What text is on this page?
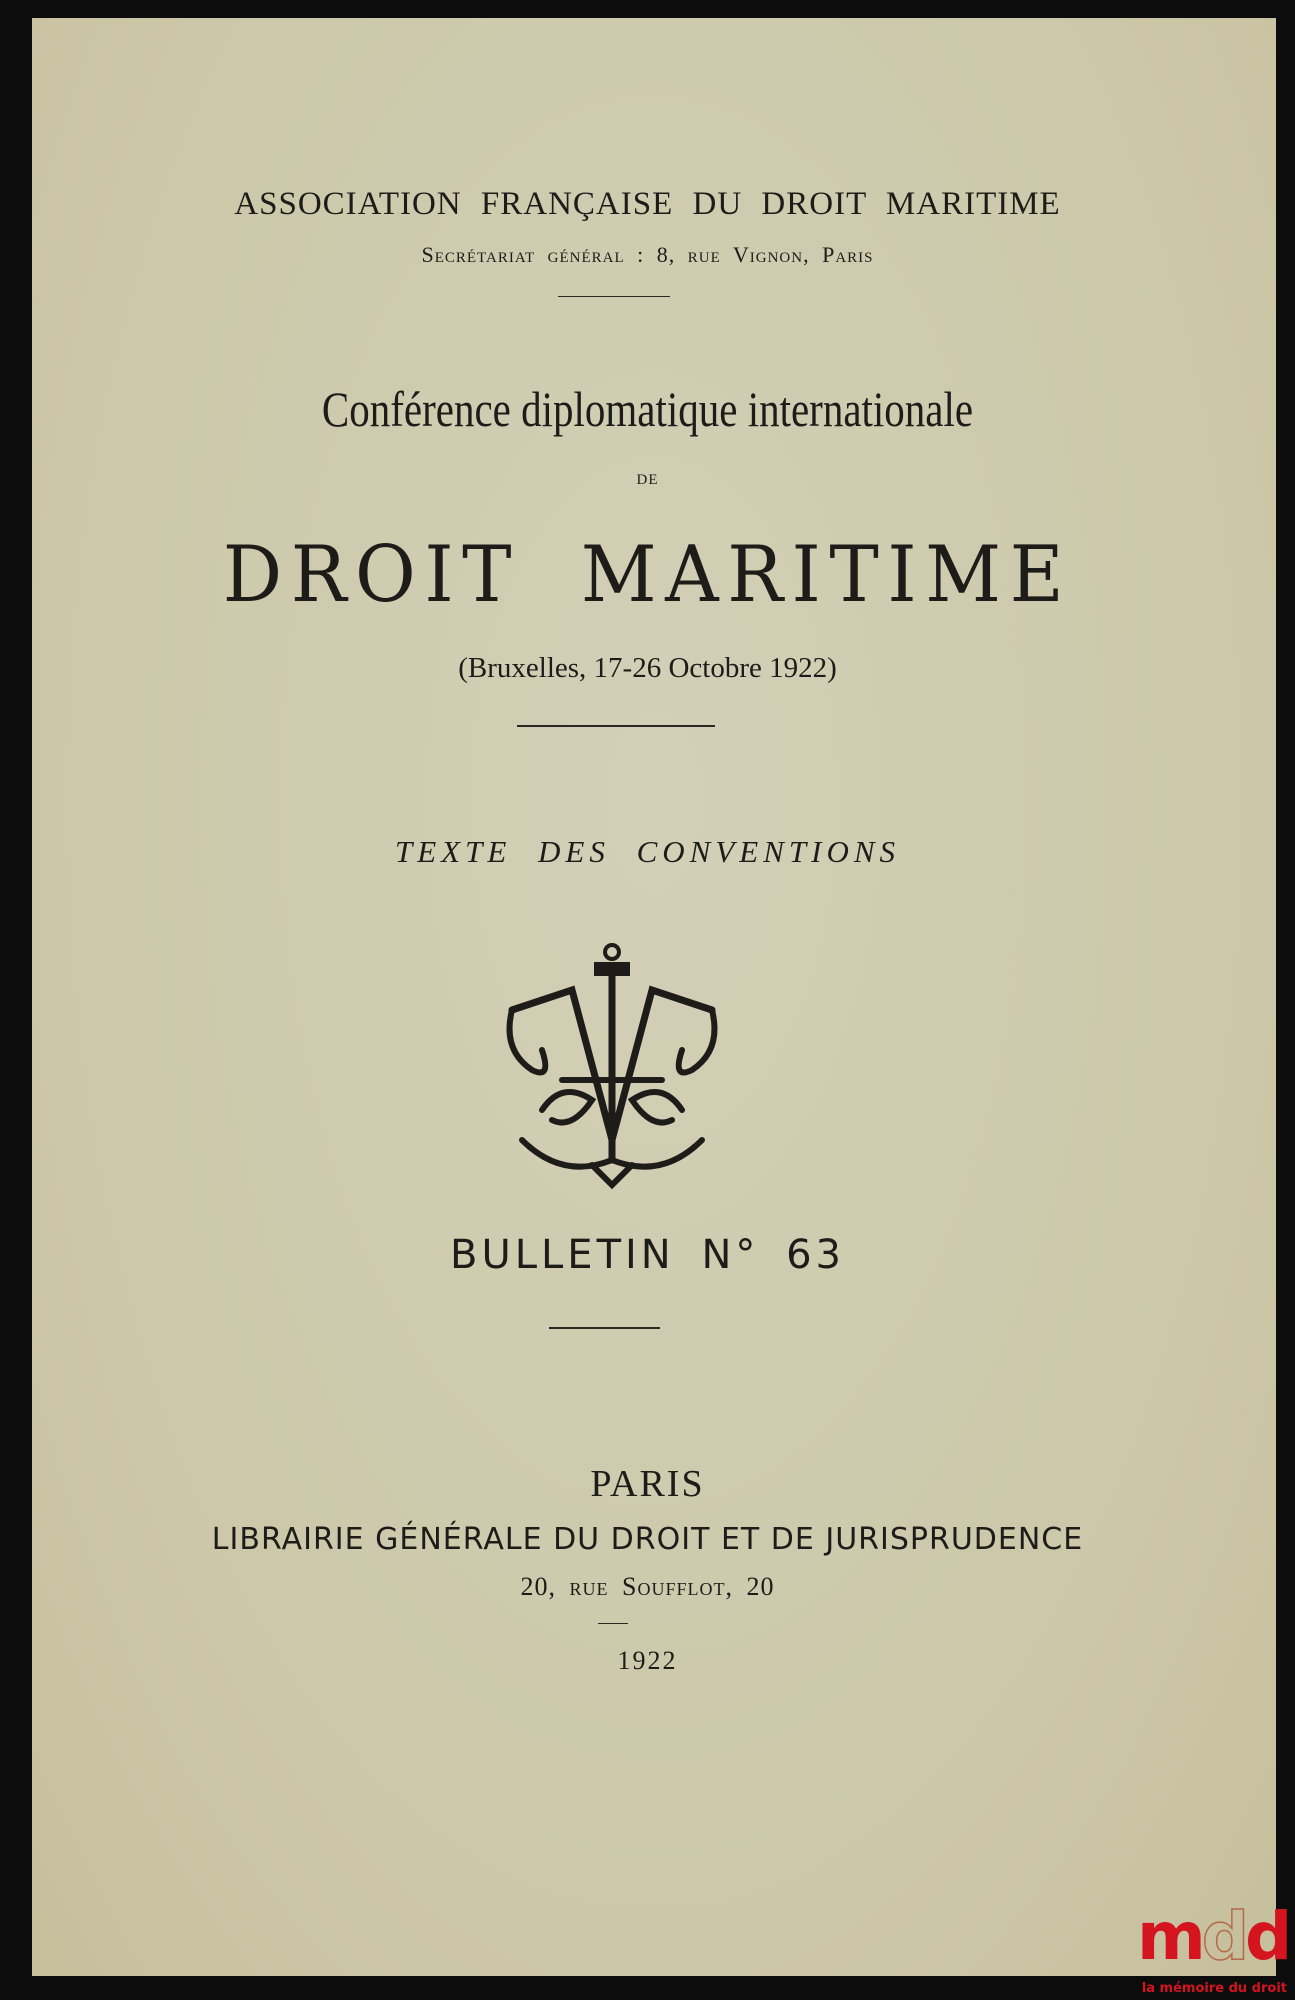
ASSOCIATION FRANÇAISE DU DROIT MARITIME
Secrétariat général : 8, rue Vignon, Paris
Conférence diplomatique internationale
DE
DROIT MARITIME
(Bruxelles, 17-26 Octobre 1922)
TEXTE DES CONVENTIONS
BULLETIN N° 63
PARIS
LIBRAIRIE GÉNÉRALE DU DROIT ET DE JURISPRUDENCE
20, rue Soufflot, 20
1922
mdd
la mémoire du droit
